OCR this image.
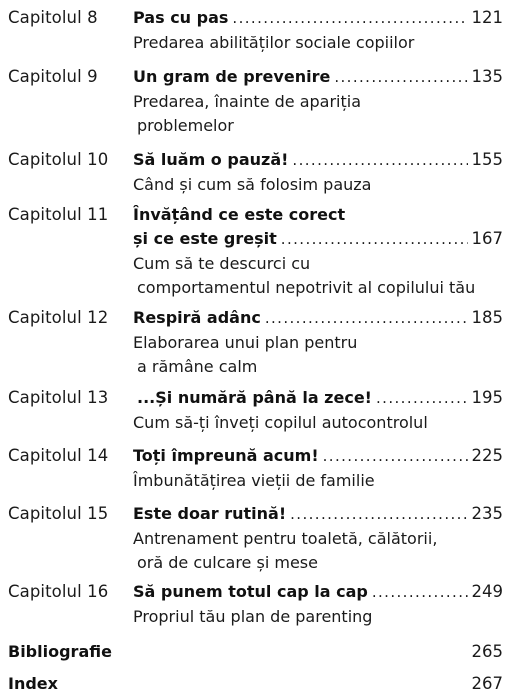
Capitolul 8 Pas cu pas .....	121
Predarea abilităților sociale copiilor
Capitolul 9 Un gram de prevenire .....	135
Predarea, înainte de apariția
problemelor
Capitolul 10 Să luăm o pauză! .....	155
Când și cum să folosim pauza
Capitolul 11 Învățând ce este corect
și ce este greșit .....	167
Cum să te descurci cu
comportamentul nepotrivit al copilului tău
Capitolul 12 Respiră adânc .....	185
Elaborarea unui plan pentru
a rămâne calm
Capitolul 13 ...Și numără până la zece! .....	195
Cum să-ți înveți copilul autocontrolul
Capitolul 14 Toți împreună acum! .....	225
Îmbunătățirea vieții de familie
Capitolul 15 Este doar rutină! .....	235
Antrenament pentru toaletă, călătorii,
oră de culcare și mese
Capitolul 16 Să punem totul cap la cap .....	249
Propriul tău plan de parenting
Bibliografie	265
Index	267
